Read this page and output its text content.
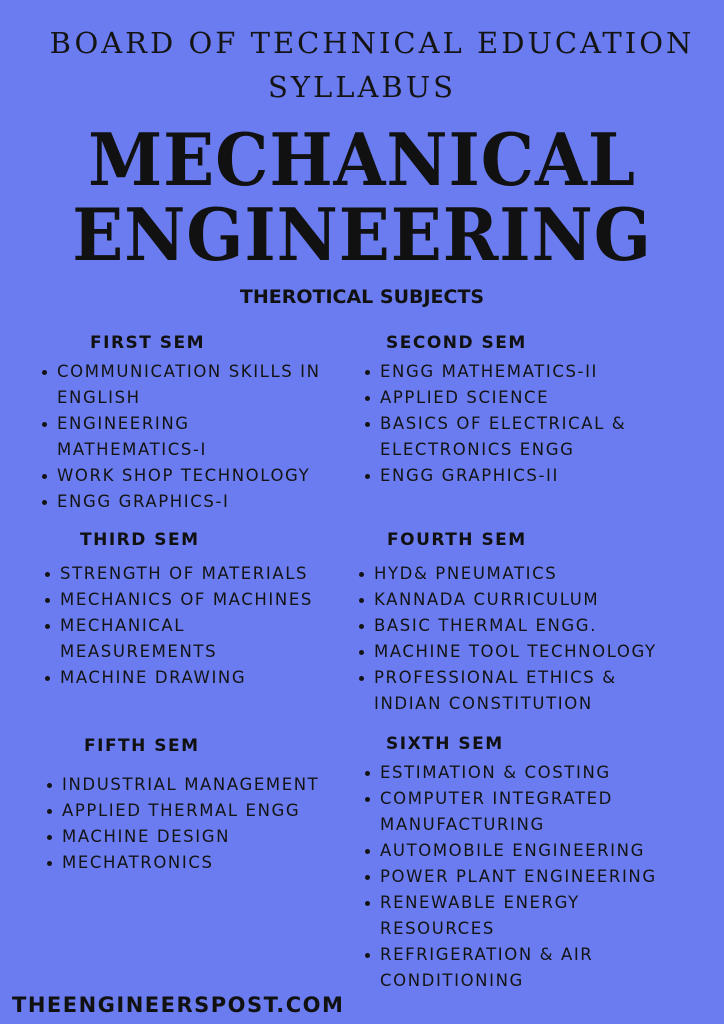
BOARD OF TECHNICAL EDUCATION
SYLLABUS
MECHANICAL
ENGINEERING
THEROTICAL SUBJECTS
FIRST SEM
COMMUNICATION SKILLS IN ENGLISH
ENGINEERING MATHEMATICS-I
WORK SHOP TECHNOLOGY
ENGG GRAPHICS-I
SECOND SEM
ENGG MATHEMATICS-II
APPLIED SCIENCE
BASICS OF ELECTRICAL & ELECTRONICS ENGG
ENGG GRAPHICS-II
THIRD SEM
STRENGTH OF MATERIALS
MECHANICS OF MACHINES
MECHANICAL MEASUREMENTS
MACHINE DRAWING
FOURTH SEM
HYD& PNEUMATICS
KANNADA CURRICULUM
BASIC THERMAL ENGG.
MACHINE TOOL TECHNOLOGY
PROFESSIONAL ETHICS & INDIAN CONSTITUTION
FIFTH SEM
INDUSTRIAL MANAGEMENT
APPLIED THERMAL ENGG
MACHINE DESIGN
MECHATRONICS
SIXTH SEM
ESTIMATION & COSTING
COMPUTER INTEGRATED MANUFACTURING
AUTOMOBILE ENGINEERING
POWER PLANT ENGINEERING
RENEWABLE ENERGY RESOURCES
REFRIGERATION & AIR CONDITIONING
THEENGINEERSPOST.COM
